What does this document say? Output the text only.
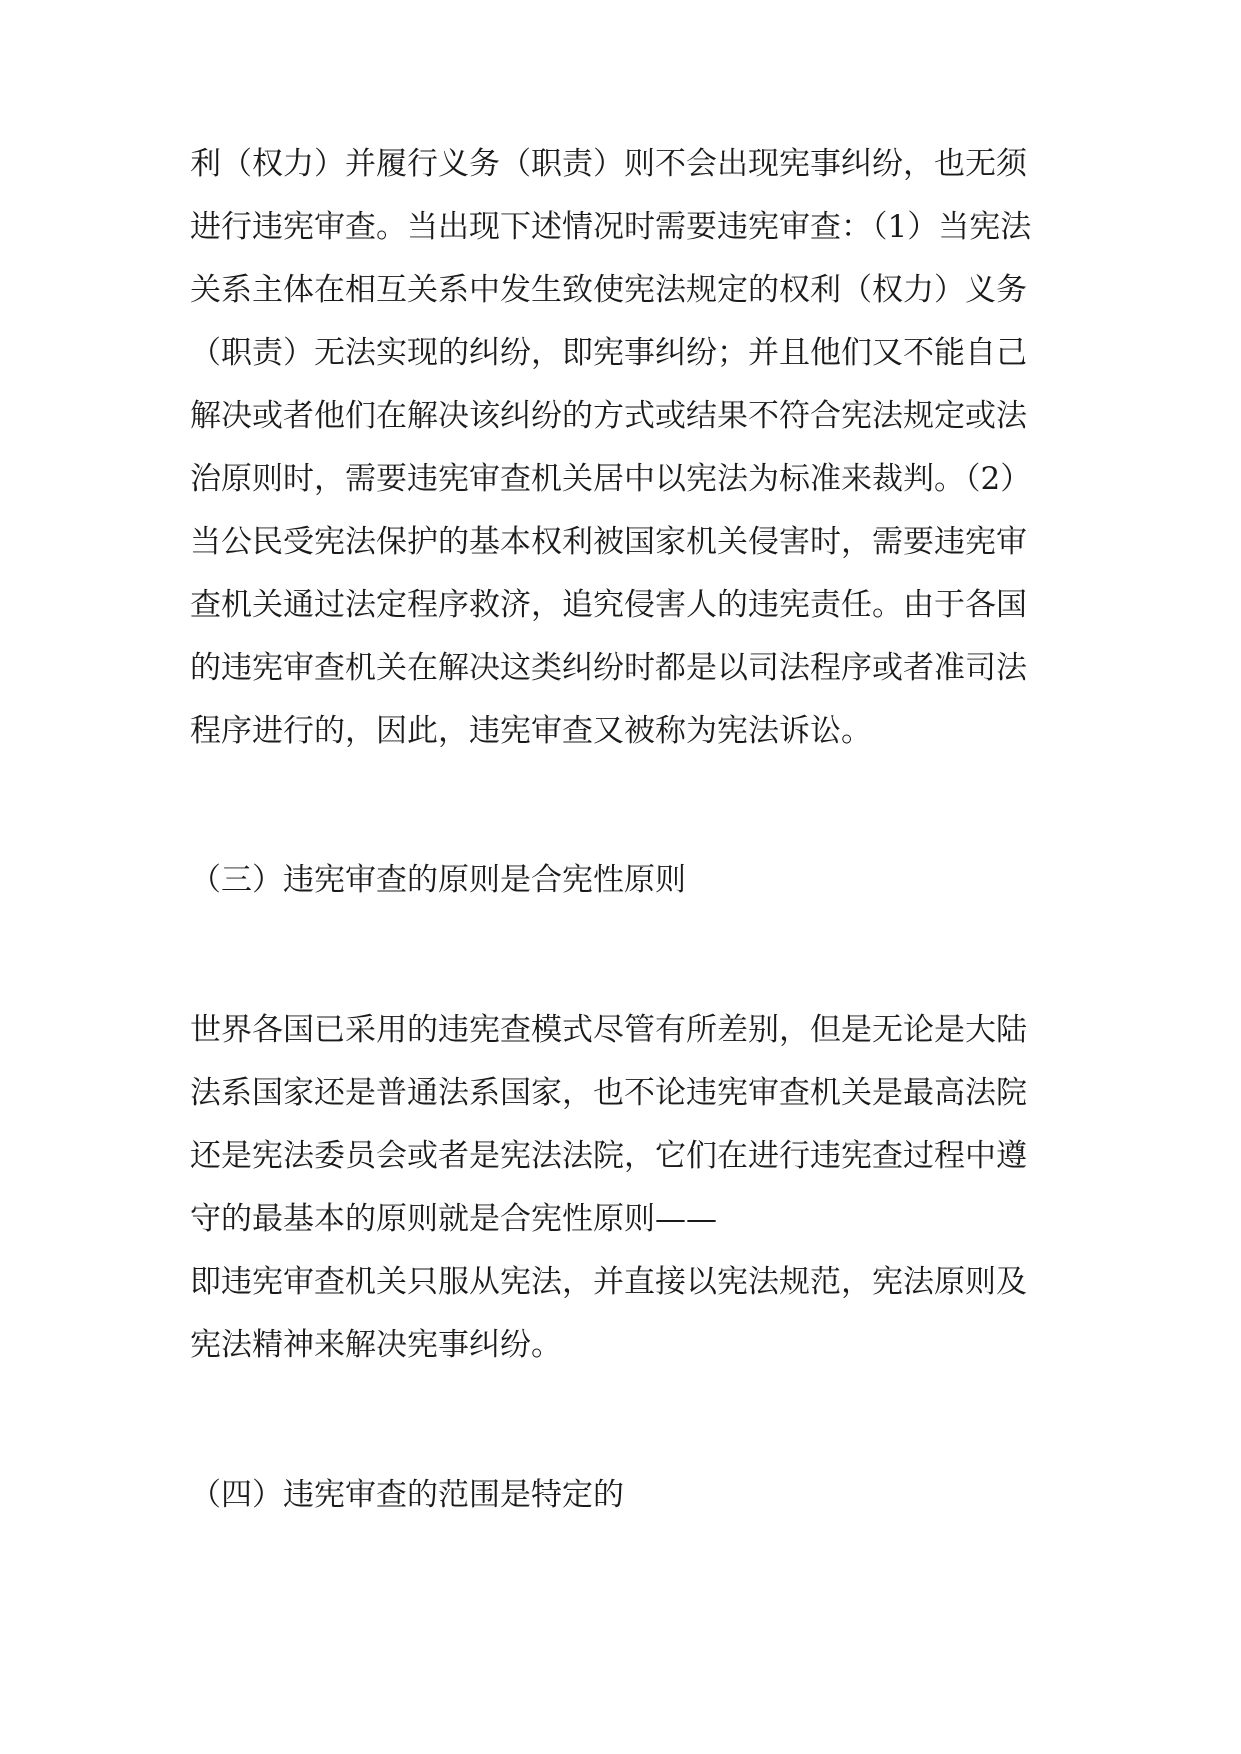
利（权力）并履行义务（职责）则不会出现宪事纠纷，也无须
进行违宪审查。当出现下述情况时需要违宪审查：（1）当宪法
关系主体在相互关系中发生致使宪法规定的权利（权力）义务
（职责）无法实现的纠纷，即宪事纠纷；并且他们又不能自己
解决或者他们在解决该纠纷的方式或结果不符合宪法规定或法
治原则时，需要违宪审查机关居中以宪法为标准来裁判。（2）
当公民受宪法保护的基本权利被国家机关侵害时，需要违宪审
查机关通过法定程序救济，追究侵害人的违宪责任。由于各国
的违宪审查机关在解决这类纠纷时都是以司法程序或者准司法
程序进行的，因此，违宪审查又被称为宪法诉讼。
（三）违宪审查的原则是合宪性原则
世界各国已采用的违宪查模式尽管有所差别，但是无论是大陆
法系国家还是普通法系国家，也不论违宪审查机关是最高法院
还是宪法委员会或者是宪法法院，它们在进行违宪查过程中遵
守的最基本的原则就是合宪性原则——
即违宪审查机关只服从宪法，并直接以宪法规范，宪法原则及
宪法精神来解决宪事纠纷。
（四）违宪审查的范围是特定的
